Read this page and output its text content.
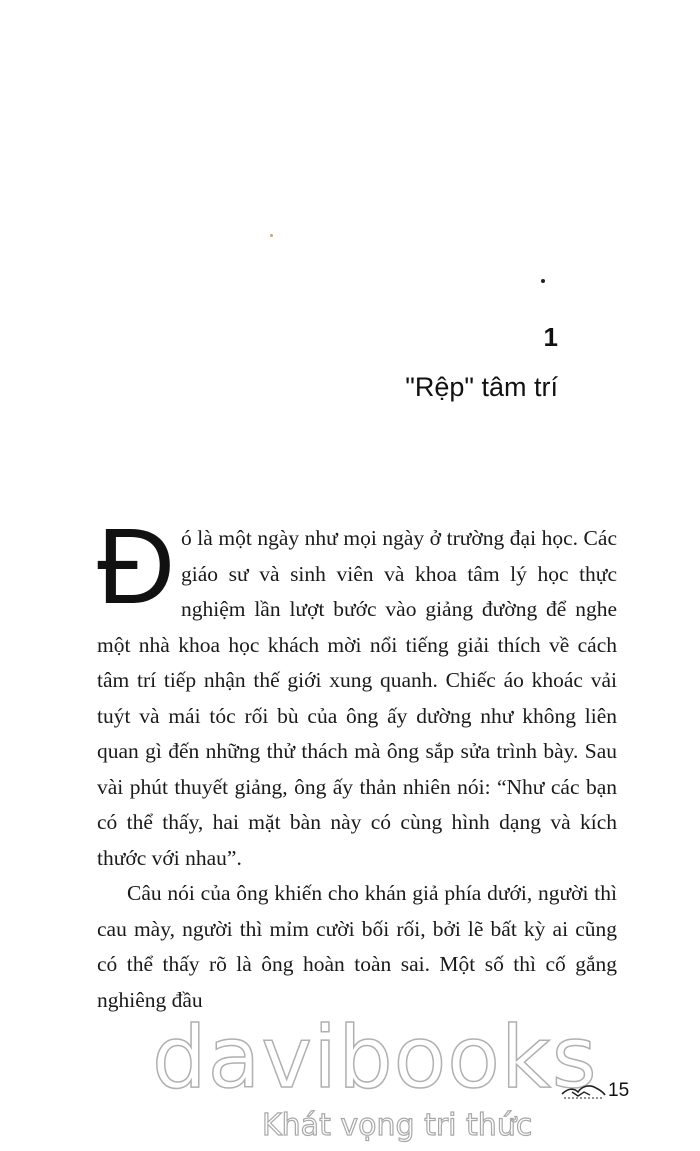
1
"Rệp" tâm trí

Đó là một ngày như mọi ngày ở trường đại học. Các giáo sư và sinh viên và khoa tâm lý học thực nghiệm lần lượt bước vào giảng đường để nghe một nhà khoa học khách mời nổi tiếng giải thích về cách tâm trí tiếp nhận thế giới xung quanh. Chiếc áo khoác vải tuýt và mái tóc rối bù của ông ấy dường như không liên quan gì đến những thử thách mà ông sắp sửa trình bày. Sau vài phút thuyết giảng, ông ấy thản nhiên nói: “Như các bạn có thể thấy, hai mặt bàn này có cùng hình dạng và kích thước với nhau”.

Câu nói của ông khiến cho khán giả phía dưới, người thì cau mày, người thì mỉm cười bối rối, bởi lẽ bất kỳ ai cũng có thể thấy rõ là ông hoàn toàn sai. Một số thì cố gắng nghiêng đầu

davibooks
Khát vọng tri thức
15
